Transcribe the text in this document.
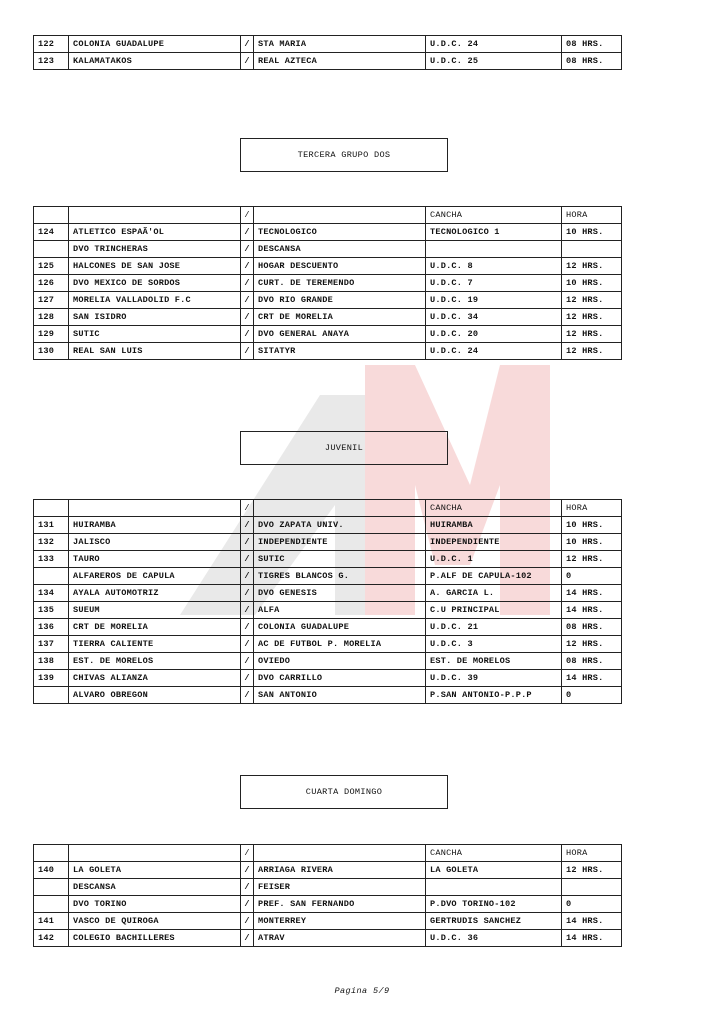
122	COLONIA GUADALUPE	/	STA MARIA	U.D.C. 24	08 HRS.
123	KALAMATAKOS	/	REAL AZTECA	U.D.C. 25	08 HRS.
TERCERA GRUPO DOS
JUVENIL
CUARTA DOMINGO
		/		CANCHA	HORA
124	ATLETICO ESPAÃ'OL	/	TECNOLOGICO	TECNOLOGICO 1	10 HRS.
	DVO TRINCHERAS	/	DESCANSA		
125	HALCONES DE SAN JOSE	/	HOGAR DESCUENTO	U.D.C. 8	12 HRS.
126	DVO MEXICO DE SORDOS	/	CURT. DE TEREMENDO	U.D.C. 7	10 HRS.
127	MORELIA VALLADOLID F.C	/	DVO RIO GRANDE	U.D.C. 19	12 HRS.
128	SAN ISIDRO	/	CRT DE MORELIA	U.D.C. 34	12 HRS.
129	SUTIC	/	DVO GENERAL ANAYA	U.D.C. 20	12 HRS.
130	REAL SAN LUIS	/	SITATYR	U.D.C. 24	12 HRS.
		/		CANCHA	HORA
131	HUIRAMBA	/	DVO ZAPATA UNIV.	HUIRAMBA	10 HRS.
132	JALISCO	/	INDEPENDIENTE	INDEPENDIENTE	10 HRS.
133	TAURO	/	SUTIC	U.D.C. 1	12 HRS.
	ALFAREROS DE CAPULA	/	TIGRES BLANCOS G.	P.ALF DE CAPULA-102	0
134	AYALA AUTOMOTRIZ	/	DVO GENESIS	A. GARCIA L.	14 HRS.
135	SUEUM	/	ALFA	C.U PRINCIPAL	14 HRS.
136	CRT DE MORELIA	/	COLONIA GUADALUPE	U.D.C. 21	08 HRS.
137	TIERRA CALIENTE	/	AC DE FUTBOL P. MORELIA	U.D.C. 3	12 HRS.
138	EST. DE MORELOS	/	OVIEDO	EST. DE MORELOS	08 HRS.
139	CHIVAS ALIANZA	/	DVO CARRILLO	U.D.C. 39	14 HRS.
	ALVARO OBREGON	/	SAN ANTONIO	P.SAN ANTONIO-P.P.P	0
		/		CANCHA	HORA
140	LA GOLETA	/	ARRIAGA RIVERA	LA GOLETA	12 HRS.
	DESCANSA	/	FEISER		
	DVO TORINO	/	PREF. SAN FERNANDO	P.DVO TORINO-102	0
141	VASCO DE QUIROGA	/	MONTERREY	GERTRUDIS SANCHEZ	14 HRS.
142	COLEGIO BACHILLERES	/	ATRAV	U.D.C. 36	14 HRS.
Pagina 5/9
